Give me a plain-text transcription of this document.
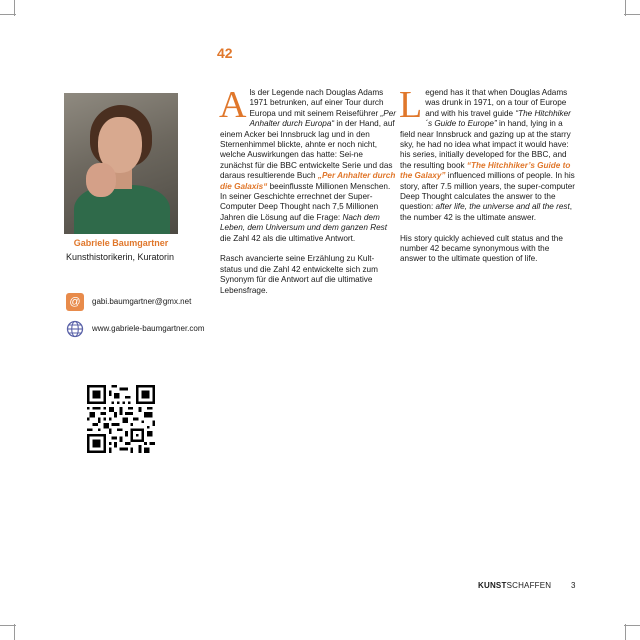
42
Gabriele Baumgartner
Kunsthistorikerin, Kuratorin
@	gabi.baumgartner@gmx.net
www.gabriele-baumgartner.com

Als der Legende nach Douglas Adams 1971 betrunken, auf einer Tour durch Europa und mit seinem Reiseführer „Per Anhalter durch Europa“ in der Hand, auf einem Acker bei Innsbruck lag und in den Sternenhimmel blickte, ahnte er noch nicht, welche Auswirkungen das hatte: Sei-ne zunächst für die BBC entwickelte Serie und das daraus resultierende Buch „Per Anhalter durch die Galaxis“ beeinflusste Millionen Menschen. In seiner Geschichte errechnet der Super-Computer Deep Thought nach 7,5 Millionen Jahren die Lösung auf die Frage: Nach dem Leben, dem Universum und dem ganzen Rest die Zahl 42 als die ultimative Antwort.

Rasch avancierte seine Erzählung zu Kult-status und die Zahl 42 entwickelte sich zum Synonym für die Antwort auf die ultimative Lebensfrage.

Legend has it that when Douglas Adams was drunk in 1971, on a tour of Europe and with his travel guide “The Hitchhiker´s Guide to Europe” in hand, lying in a field near Innsbruck and gazing up at the starry sky, he had no idea what impact it would have: his series, initially developed for the BBC, and the resulting book “The Hitchhiker’s Guide to the Galaxy” influenced millions of people. In his story, after 7.5 million years, the super-computer Deep Thought calculates the answer to the question: after life, the universe and all the rest, the number 42 is the ultimate answer.

His story quickly achieved cult status and the number 42 became synonymous with the answer to the ultimate question of life.

KUNSTSCHAFFEN 3
